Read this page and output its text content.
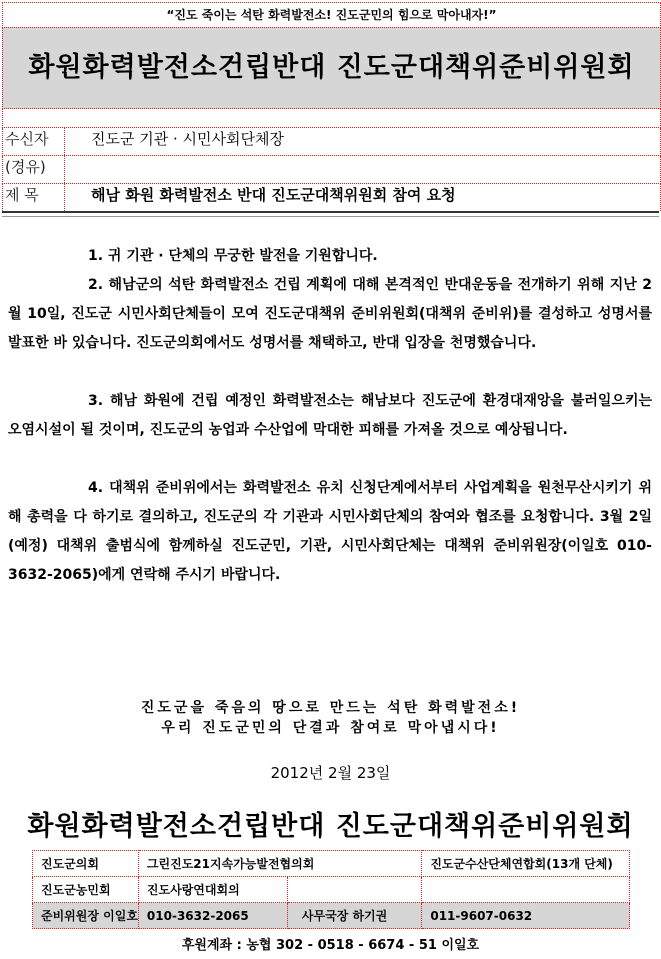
“진도 죽이는 석탄 화력발전소! 진도군민의 힘으로 막아내자!”
화원화력발전소건립반대 진도군대책위준비위원회
수신자	진도군 기관 · 시민사회단체장
(경유)
제 목	해남 화원 화력발전소 반대 진도군대책위원회 참여 요청

1. 귀 기관 · 단체의 무궁한 발전을 기원합니다.

2. 해남군의 석탄 화력발전소 건립 계획에 대해 본격적인 반대운동을 전개하기 위해 지난 2월 10일, 진도군 시민사회단체들이 모여 진도군대책위 준비위원회(대책위 준비위)를 결성하고 성명서를 발표한 바 있습니다. 진도군의회에서도 성명서를 채택하고, 반대 입장을 천명했습니다.

3. 해남 화원에 건립 예정인 화력발전소는 해남보다 진도군에 환경대재앙을 불러일으키는 오염시설이 될 것이며, 진도군의 농업과 수산업에 막대한 피해를 가져올 것으로 예상됩니다.

4. 대책위 준비위에서는 화력발전소 유치 신청단계에서부터 사업계획을 원천무산시키기 위해 총력을 다 하기로 결의하고, 진도군의 각 기관과 시민사회단체의 참여와 협조를 요청합니다. 3월 2일(예정) 대책위 출범식에 함께하실 진도군민, 기관, 시민사회단체는 대책위 준비위원장(이일호 010-3632-2065)에게 연락해 주시기 바랍니다.

진도군을 죽음의 땅으로 만드는 석탄 화력발전소!
우리 진도군민의 단결과 참여로 막아냅시다!
2012년 2월 23일
화원화력발전소건립반대 진도군대책위준비위원회
진도군의회	그린진도21지속가능발전협의회		진도군수산단체연합회(13개 단체)
진도군농민회	진도사랑연대회의		
준비위원장 이일호	010-3632-2065	사무국장 하기권	011-9607-0632
후원계좌 : 농협 302 - 0518 - 6674 - 51 이일호
